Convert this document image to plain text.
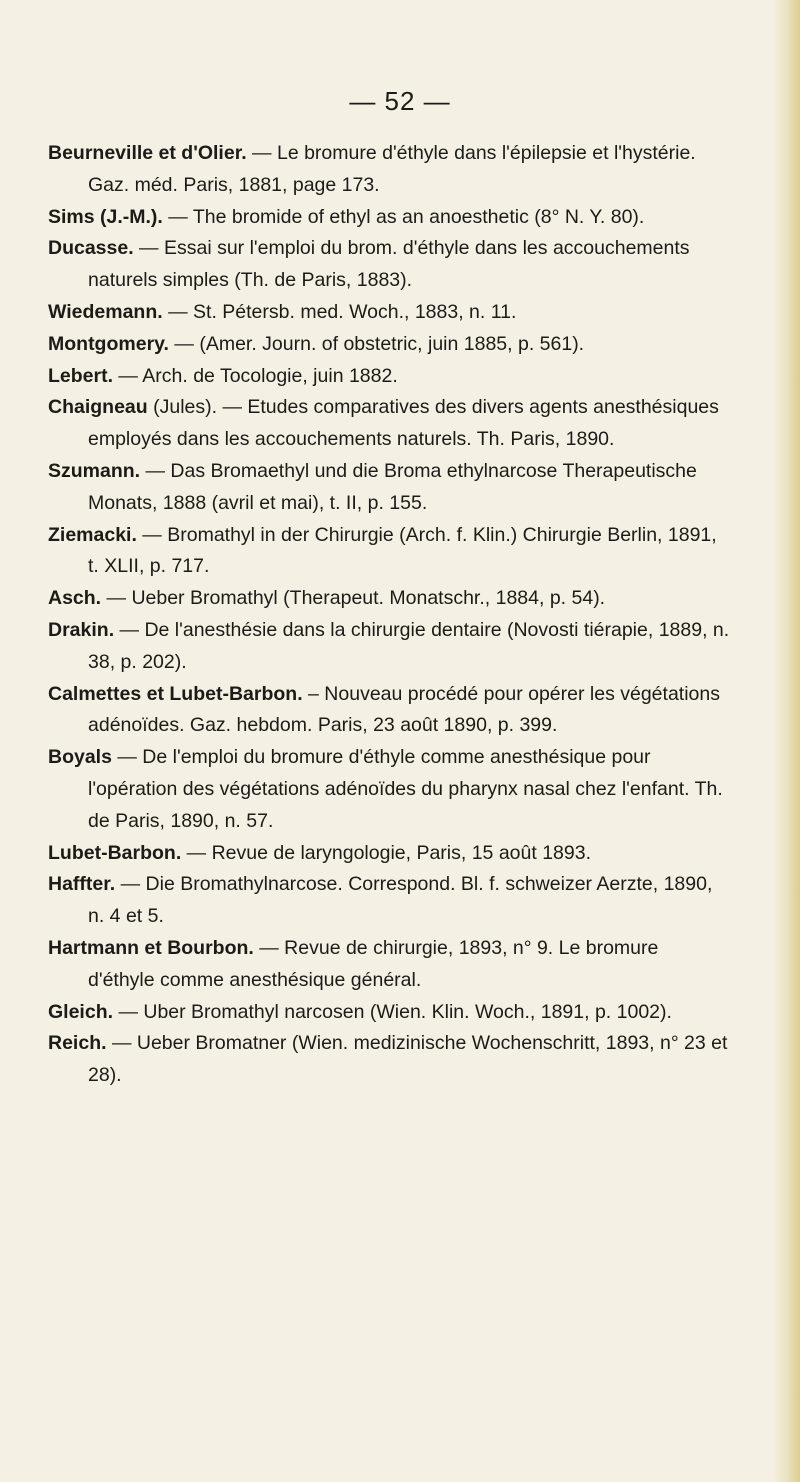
— 52 —

Beurneville et d'Olier. — Le bromure d'éthyle dans l'épilepsie et l'hystérie. Gaz. méd. Paris, 1881, page 173.

Sims (J.-M.). — The bromide of ethyl as an anoesthetic (8° N. Y. 80).

Ducasse. — Essai sur l'emploi du brom. d'éthyle dans les accouchements naturels simples (Th. de Paris, 1883).

Wiedemann. — St. Pétersb. med. Woch., 1883, n. 11.

Montgomery. — (Amer. Journ. of obstetric, juin 1885, p. 561).

Lebert. — Arch. de Tocologie, juin 1882.

Chaigneau (Jules). — Etudes comparatives des divers agents anesthésiques employés dans les accouchements naturels. Th. Paris, 1890.

Szumann. — Das Bromaethyl und die Broma ethylnarcose Therapeutische Monats, 1888 (avril et mai), t. II, p. 155.

Ziemacki. — Bromathyl in der Chirurgie (Arch. f. Klin.) Chirurgie Berlin, 1891, t. XLII, p. 717.

Asch. — Ueber Bromathyl (Therapeut. Monatschr., 1884, p. 54).

Drakin. — De l'anesthésie dans la chirurgie dentaire (Novosti tiérapie, 1889, n. 38, p. 202).

Calmettes et Lubet-Barbon. – Nouveau procédé pour opérer les végétations adénoïdes. Gaz. hebdom. Paris, 23 août 1890, p. 399.

Boyals — De l'emploi du bromure d'éthyle comme anesthésique pour l'opération des végétations adénoïdes du pharynx nasal chez l'enfant. Th. de Paris, 1890, n. 57.

Lubet-Barbon. — Revue de laryngologie, Paris, 15 août 1893.

Haffter. — Die Bromathylnarcose. Correspond. Bl. f. schweizer Aerzte, 1890, n. 4 et 5.

Hartmann et Bourbon. — Revue de chirurgie, 1893, n° 9. Le bromure d'éthyle comme anesthésique général.

Gleich. — Uber Bromathyl narcosen (Wien. Klin. Woch., 1891, p. 1002).

Reich. — Ueber Bromatner (Wien. medizinische Wochenschritt, 1893, n° 23 et 28).
